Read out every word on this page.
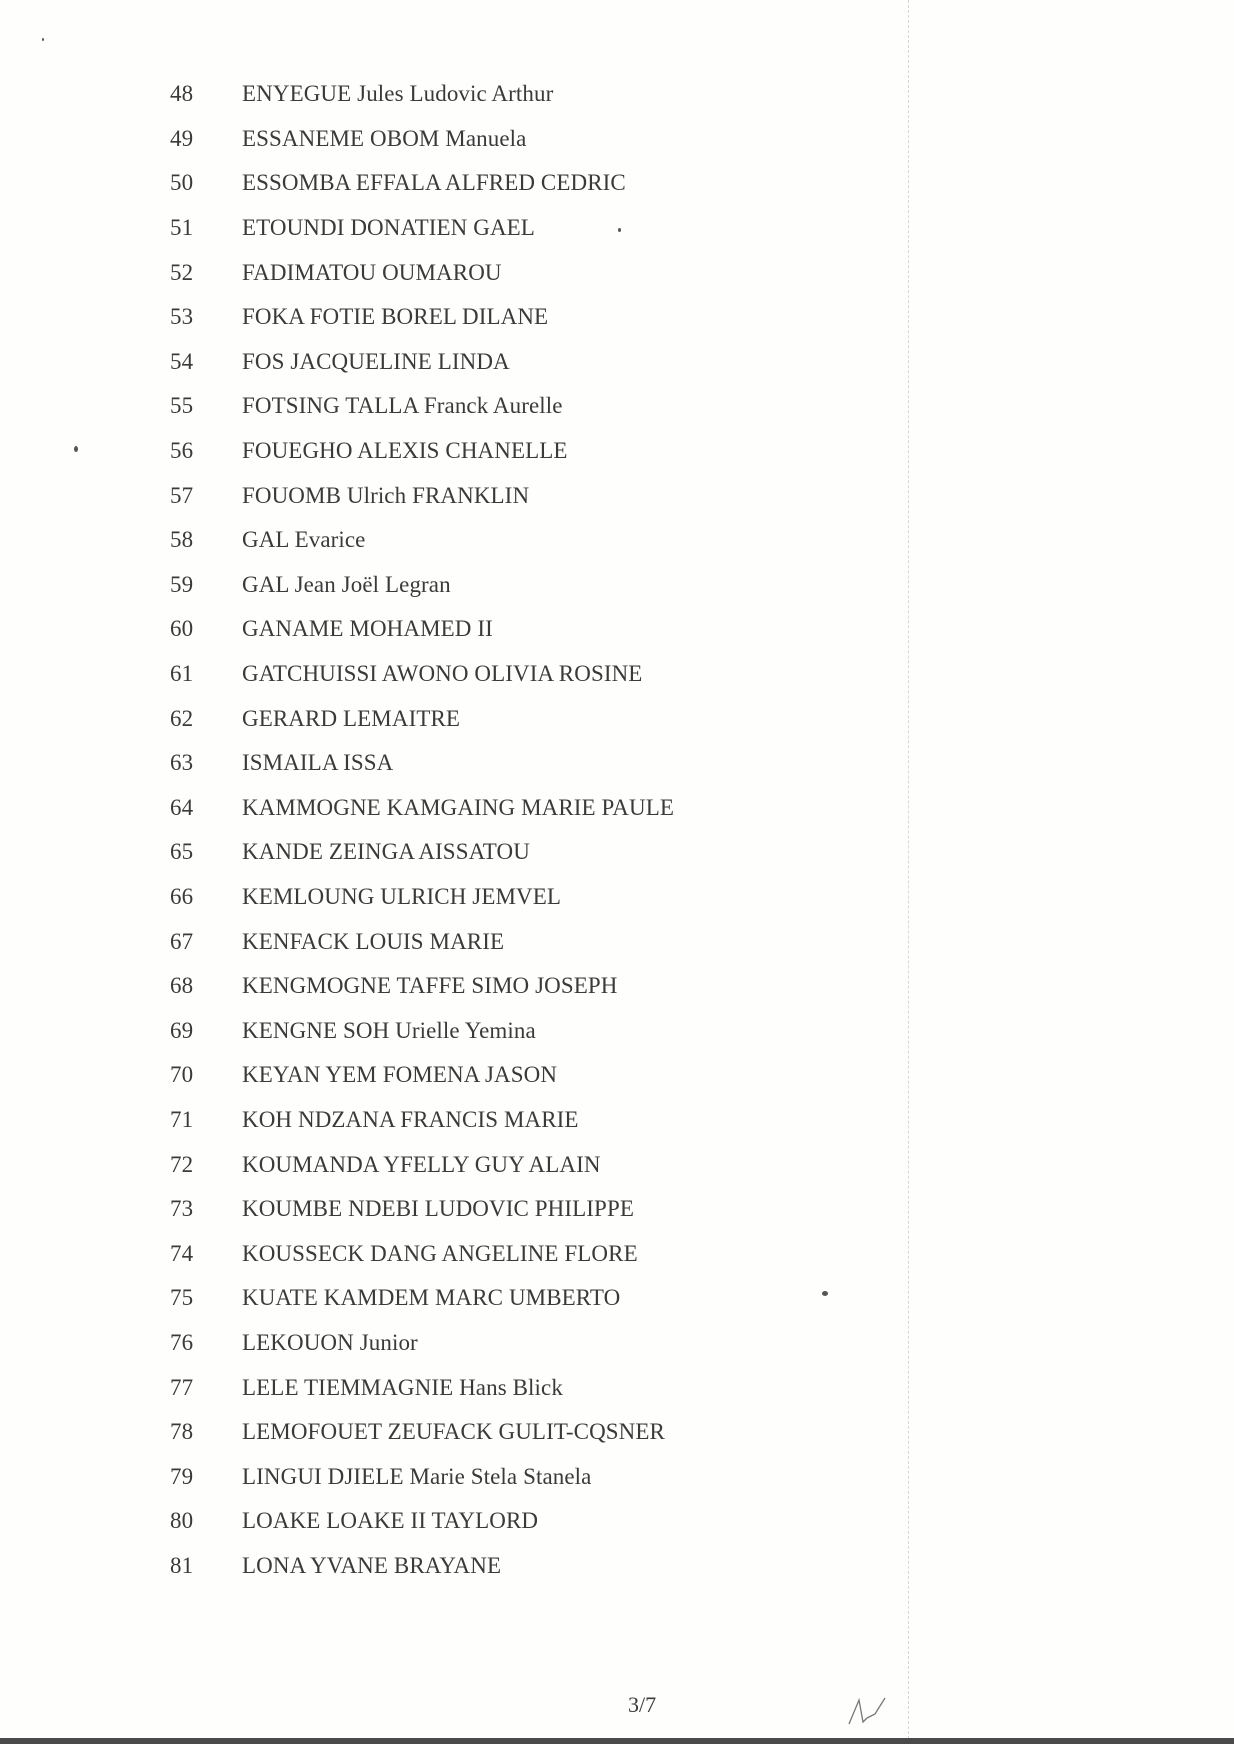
48	ENYEGUE Jules Ludovic Arthur
49	ESSANEME OBOM Manuela
50	ESSOMBA EFFALA ALFRED CEDRIC
51	ETOUNDI DONATIEN GAEL
52	FADIMATOU OUMAROU
53	FOKA FOTIE BOREL DILANE
54	FOS JACQUELINE LINDA
55	FOTSING TALLA Franck Aurelle
56	FOUEGHO ALEXIS CHANELLE
57	FOUOMB Ulrich FRANKLIN
58	GAL Evarice
59	GAL Jean Joël Legran
60	GANAME MOHAMED II
61	GATCHUISSI AWONO OLIVIA ROSINE
62	GERARD LEMAITRE
63	ISMAILA ISSA
64	KAMMOGNE KAMGAING MARIE PAULE
65	KANDE ZEINGA AISSATOU
66	KEMLOUNG ULRICH JEMVEL
67	KENFACK LOUIS MARIE
68	KENGMOGNE TAFFE SIMO JOSEPH
69	KENGNE SOH Urielle Yemina
70	KEYAN YEM FOMENA JASON
71	KOH NDZANA FRANCIS MARIE
72	KOUMANDA YFELLY GUY ALAIN
73	KOUMBE NDEBI LUDOVIC PHILIPPE
74	KOUSSECK DANG ANGELINE FLORE
75	KUATE KAMDEM MARC UMBERTO
76	LEKOUON Junior
77	LELE TIEMMAGNIE Hans Blick
78	LEMOFOUET ZEUFACK GULIT-CQSNER
79	LINGUI DJIELE Marie Stela Stanela
80	LOAKE LOAKE II TAYLORD
81	LONA YVANE BRAYANE
3/7
